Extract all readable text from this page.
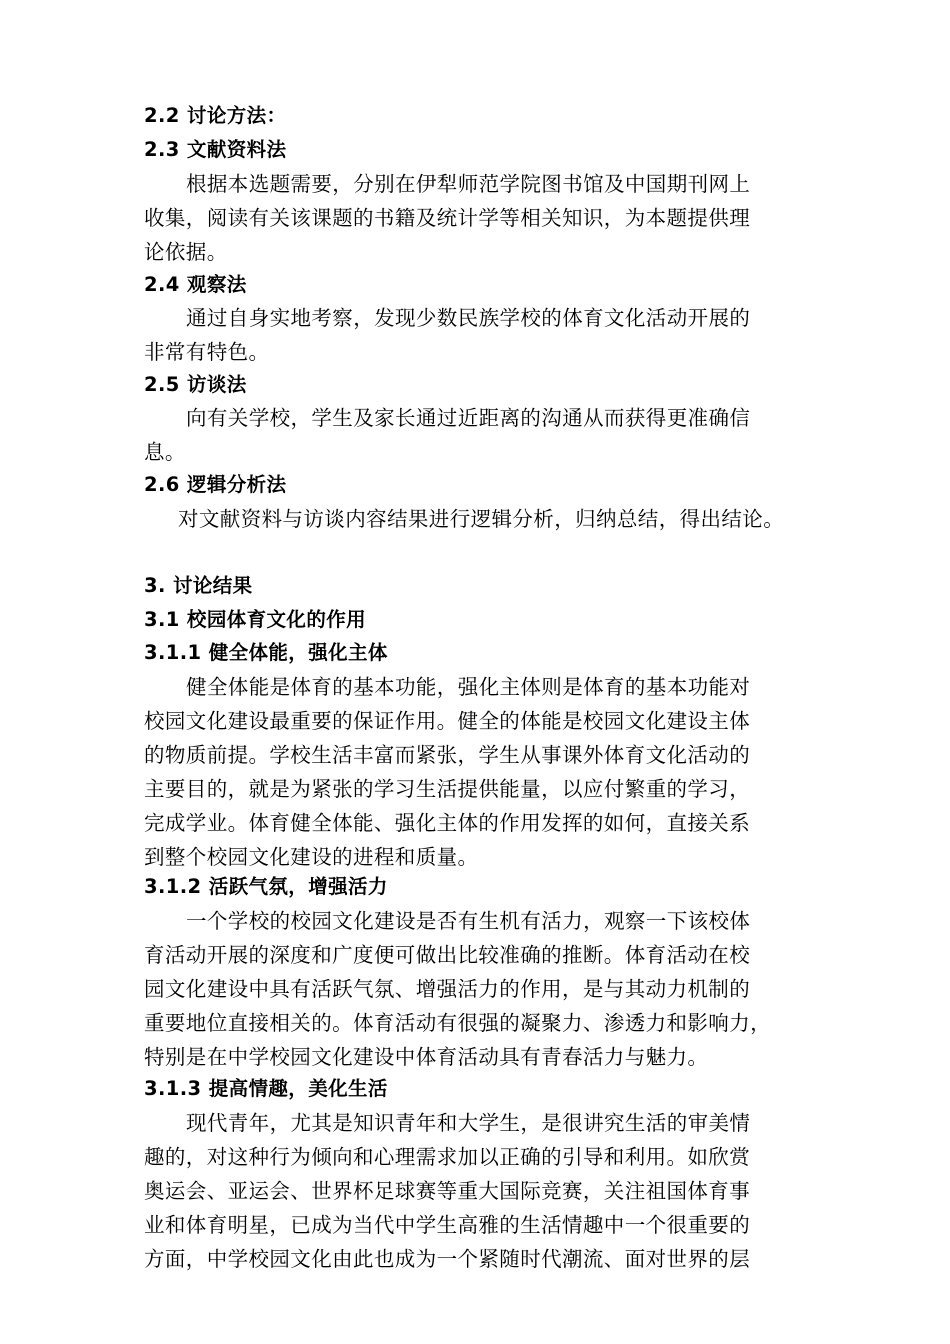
2.2 讨论方法：
2.3 文献资料法
根据本选题需要，分别在伊犁师范学院图书馆及中国期刊网上
收集，阅读有关该课题的书籍及统计学等相关知识，为本题提供理
论依据。
2.4 观察法
通过自身实地考察，发现少数民族学校的体育文化活动开展的
非常有特色。
2.5 访谈法
向有关学校，学生及家长通过近距离的沟通从而获得更准确信
息。
2.6 逻辑分析法
对文献资料与访谈内容结果进行逻辑分析，归纳总结，得出结论。
3. 讨论结果
3.1 校园体育文化的作用
3.1.1 健全体能，强化主体
健全体能是体育的基本功能，强化主体则是体育的基本功能对
校园文化建设最重要的保证作用。健全的体能是校园文化建设主体
的物质前提。学校生活丰富而紧张，学生从事课外体育文化活动的
主要目的，就是为紧张的学习生活提供能量，以应付繁重的学习，
完成学业。体育健全体能、强化主体的作用发挥的如何，直接关系
到整个校园文化建设的进程和质量。
3.1.2 活跃气氛，增强活力
一个学校的校园文化建设是否有生机有活力，观察一下该校体
育活动开展的深度和广度便可做出比较准确的推断。体育活动在校
园文化建设中具有活跃气氛、增强活力的作用，是与其动力机制的
重要地位直接相关的。体育活动有很强的凝聚力、渗透力和影响力，
特别是在中学校园文化建设中体育活动具有青春活力与魅力。
3.1.3 提高情趣，美化生活
现代青年，尤其是知识青年和大学生，是很讲究生活的审美情
趣的，对这种行为倾向和心理需求加以正确的引导和利用。如欣赏
奥运会、亚运会、世界杯足球赛等重大国际竞赛，关注祖国体育事
业和体育明星，已成为当代中学生高雅的生活情趣中一个很重要的
方面，中学校园文化由此也成为一个紧随时代潮流、面对世界的层
